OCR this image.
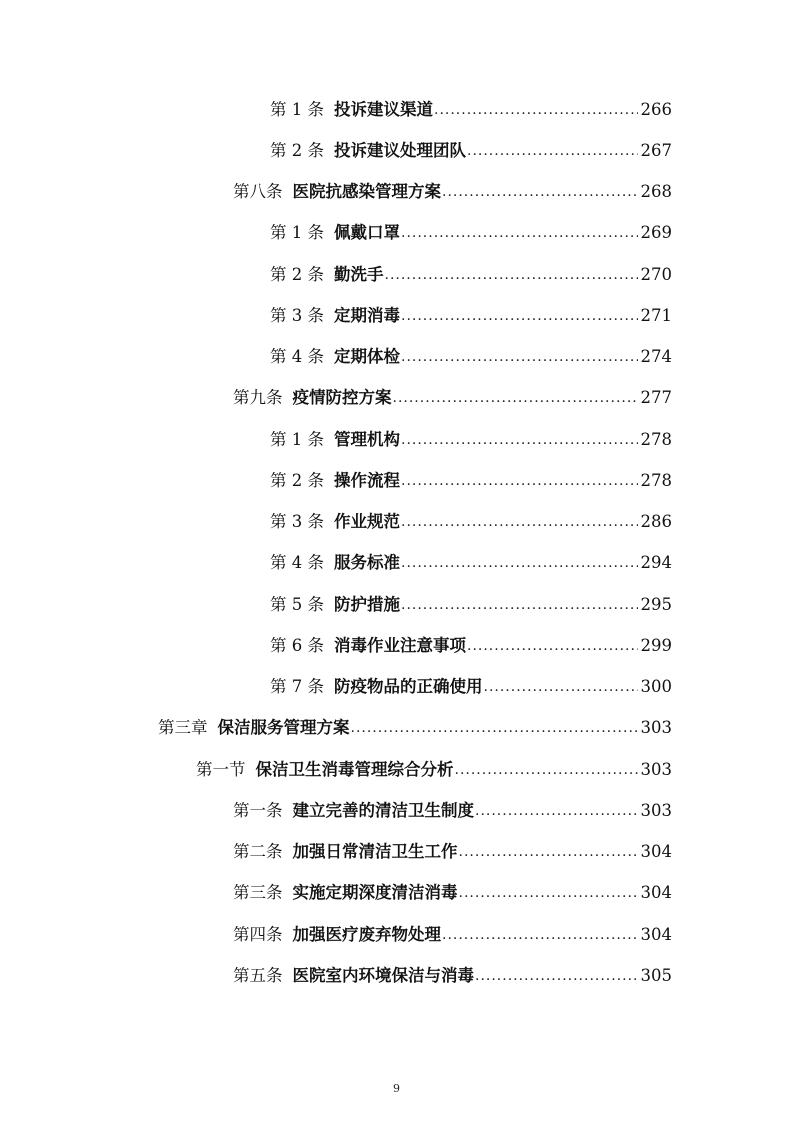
第 1 条 投诉建议渠道 .....	266
第 2 条 投诉建议处理团队 .....	267
第八条 医院抗感染管理方案 .....	268
第 1 条 佩戴口罩 .....	269
第 2 条 勤洗手 .....	270
第 3 条 定期消毒 .....	271
第 4 条 定期体检 .....	274
第九条 疫情防控方案 .....	277
第 1 条 管理机构 .....	278
第 2 条 操作流程 .....	278
第 3 条 作业规范 .....	286
第 4 条 服务标准 .....	294
第 5 条 防护措施 .....	295
第 6 条 消毒作业注意事项 .....	299
第 7 条 防疫物品的正确使用 .....	300
第三章 保洁服务管理方案 .....	303
第一节 保洁卫生消毒管理综合分析 .....	303
第一条 建立完善的清洁卫生制度 .....	303
第二条 加强日常清洁卫生工作 .....	304
第三条 实施定期深度清洁消毒 .....	304
第四条 加强医疗废弃物处理 .....	304
第五条 医院室内环境保洁与消毒 .....	305
9
